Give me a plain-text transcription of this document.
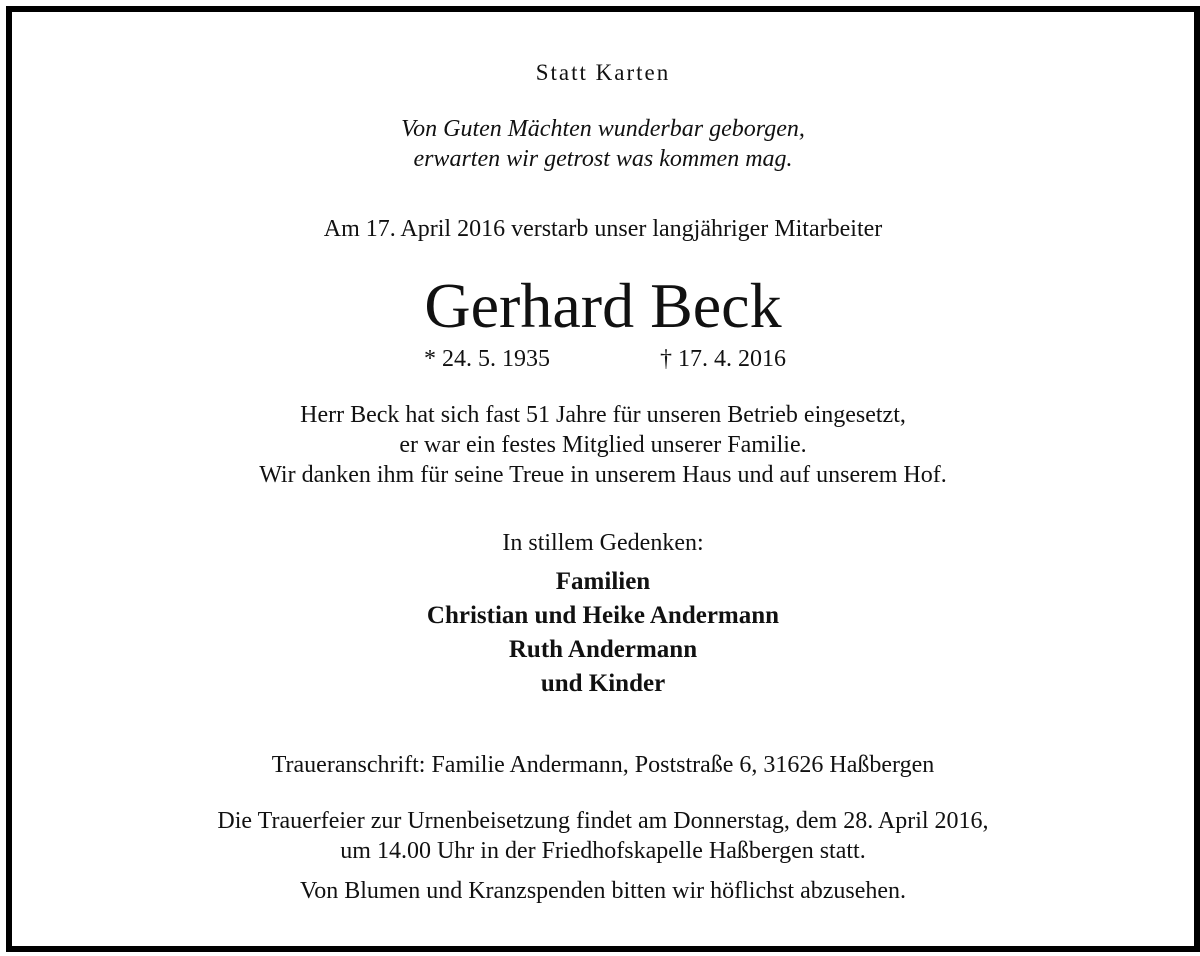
Statt Karten
Von Guten Mächten wunderbar geborgen,
erwarten wir getrost was kommen mag.
Am 17. April 2016 verstarb unser langjähriger Mitarbeiter
Gerhard Beck
* 24. 5. 1935	† 17. 4. 2016
Herr Beck hat sich fast 51 Jahre für unseren Betrieb eingesetzt,
er war ein festes Mitglied unserer Familie.
Wir danken ihm für seine Treue in unserem Haus und auf unserem Hof.
In stillem Gedenken:
Familien
Christian und Heike Andermann
Ruth Andermann
und Kinder
Traueranschrift: Familie Andermann, Poststraße 6, 31626 Haßbergen
Die Trauerfeier zur Urnenbeisetzung findet am Donnerstag, dem 28. April 2016,
um 14.00 Uhr in der Friedhofskapelle Haßbergen statt.
Von Blumen und Kranzspenden bitten wir höflichst abzusehen.
